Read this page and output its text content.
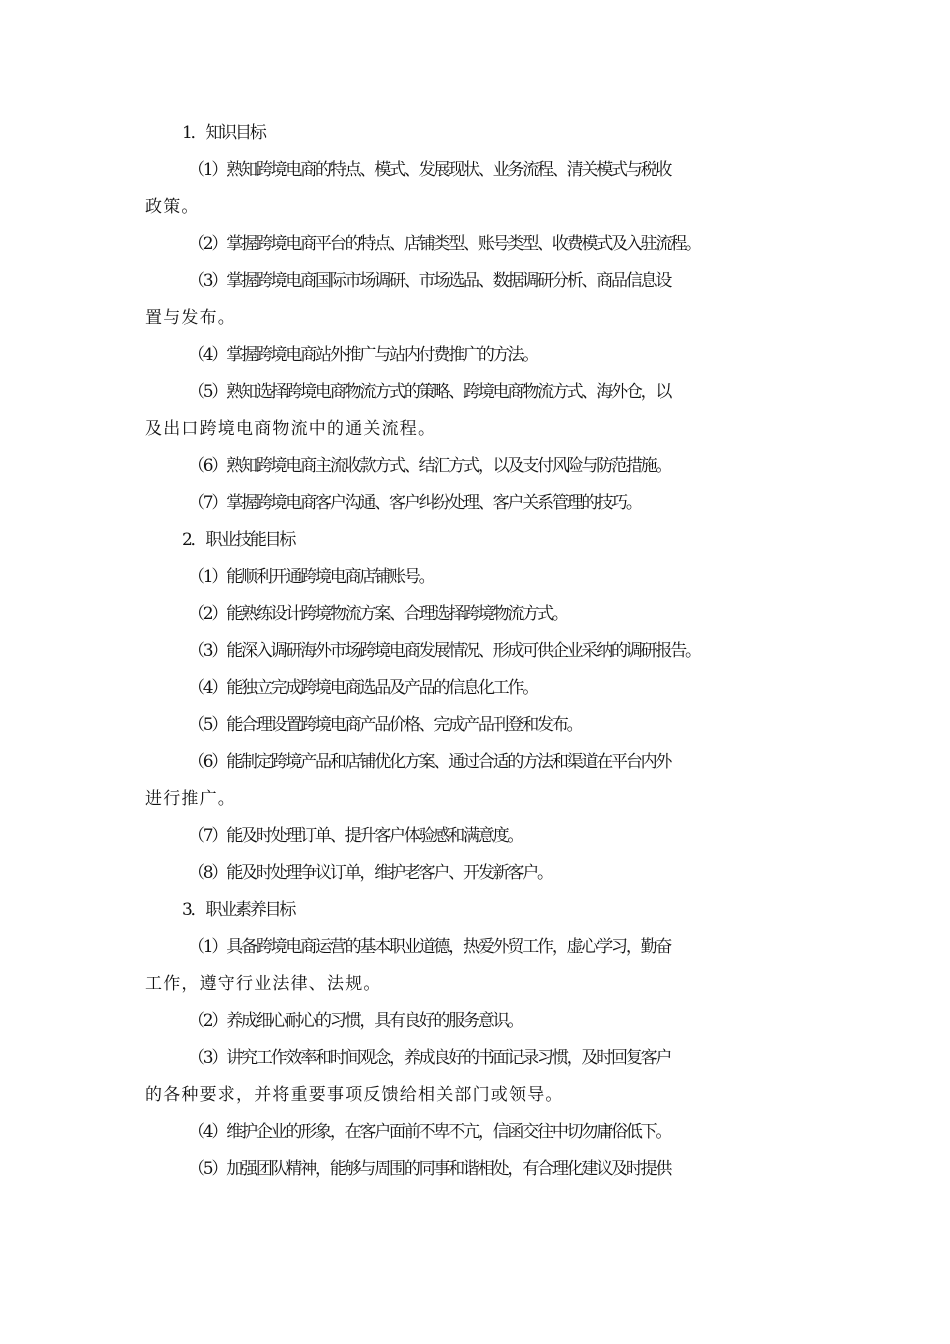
1．知识目标
（1）熟知跨境电商的特点、模式、发展现状、业务流程、清关模式与税收
政策。
（2）掌握跨境电商平台的特点、店铺类型、账号类型、收费模式及入驻流程。
（3）掌握跨境电商国际市场调研、市场选品、数据调研分析、商品信息设
置与发布。
（4）掌握跨境电商站外推广与站内付费推广的方法。
（5）熟知选择跨境电商物流方式的策略、跨境电商物流方式、海外仓，以
及出口跨境电商物流中的通关流程。
（6）熟知跨境电商主流收款方式、结汇方式，以及支付风险与防范措施。
（7）掌握跨境电商客户沟通、客户纠纷处理、客户关系管理的技巧。
2．职业技能目标
（1）能顺利开通跨境电商店铺账号。
（2）能熟练设计跨境物流方案、合理选择跨境物流方式。
（3）能深入调研海外市场跨境电商发展情况、形成可供企业采纳的调研报告。
（4）能独立完成跨境电商选品及产品的信息化工作。
（5）能合理设置跨境电商产品价格、完成产品刊登和发布。
（6）能制定跨境产品和店铺优化方案、通过合适的方法和渠道在平台内外
进行推广。
（7）能及时处理订单、提升客户体验感和满意度。
（8）能及时处理争议订单，维护老客户、开发新客户。
3．职业素养目标
（1）具备跨境电商运营的基本职业道德，热爱外贸工作，虚心学习，勤奋
工作，遵守行业法律、法规。
（2）养成细心耐心的习惯，具有良好的服务意识。
（3）讲究工作效率和时间观念，养成良好的书面记录习惯，及时回复客户
的各种要求，并将重要事项反馈给相关部门或领导。
（4）维护企业的形象，在客户面前不卑不亢，信函交往中切勿庸俗低下。
（5）加强团队精神，能够与周围的同事和谐相处，有合理化建议及时提供
